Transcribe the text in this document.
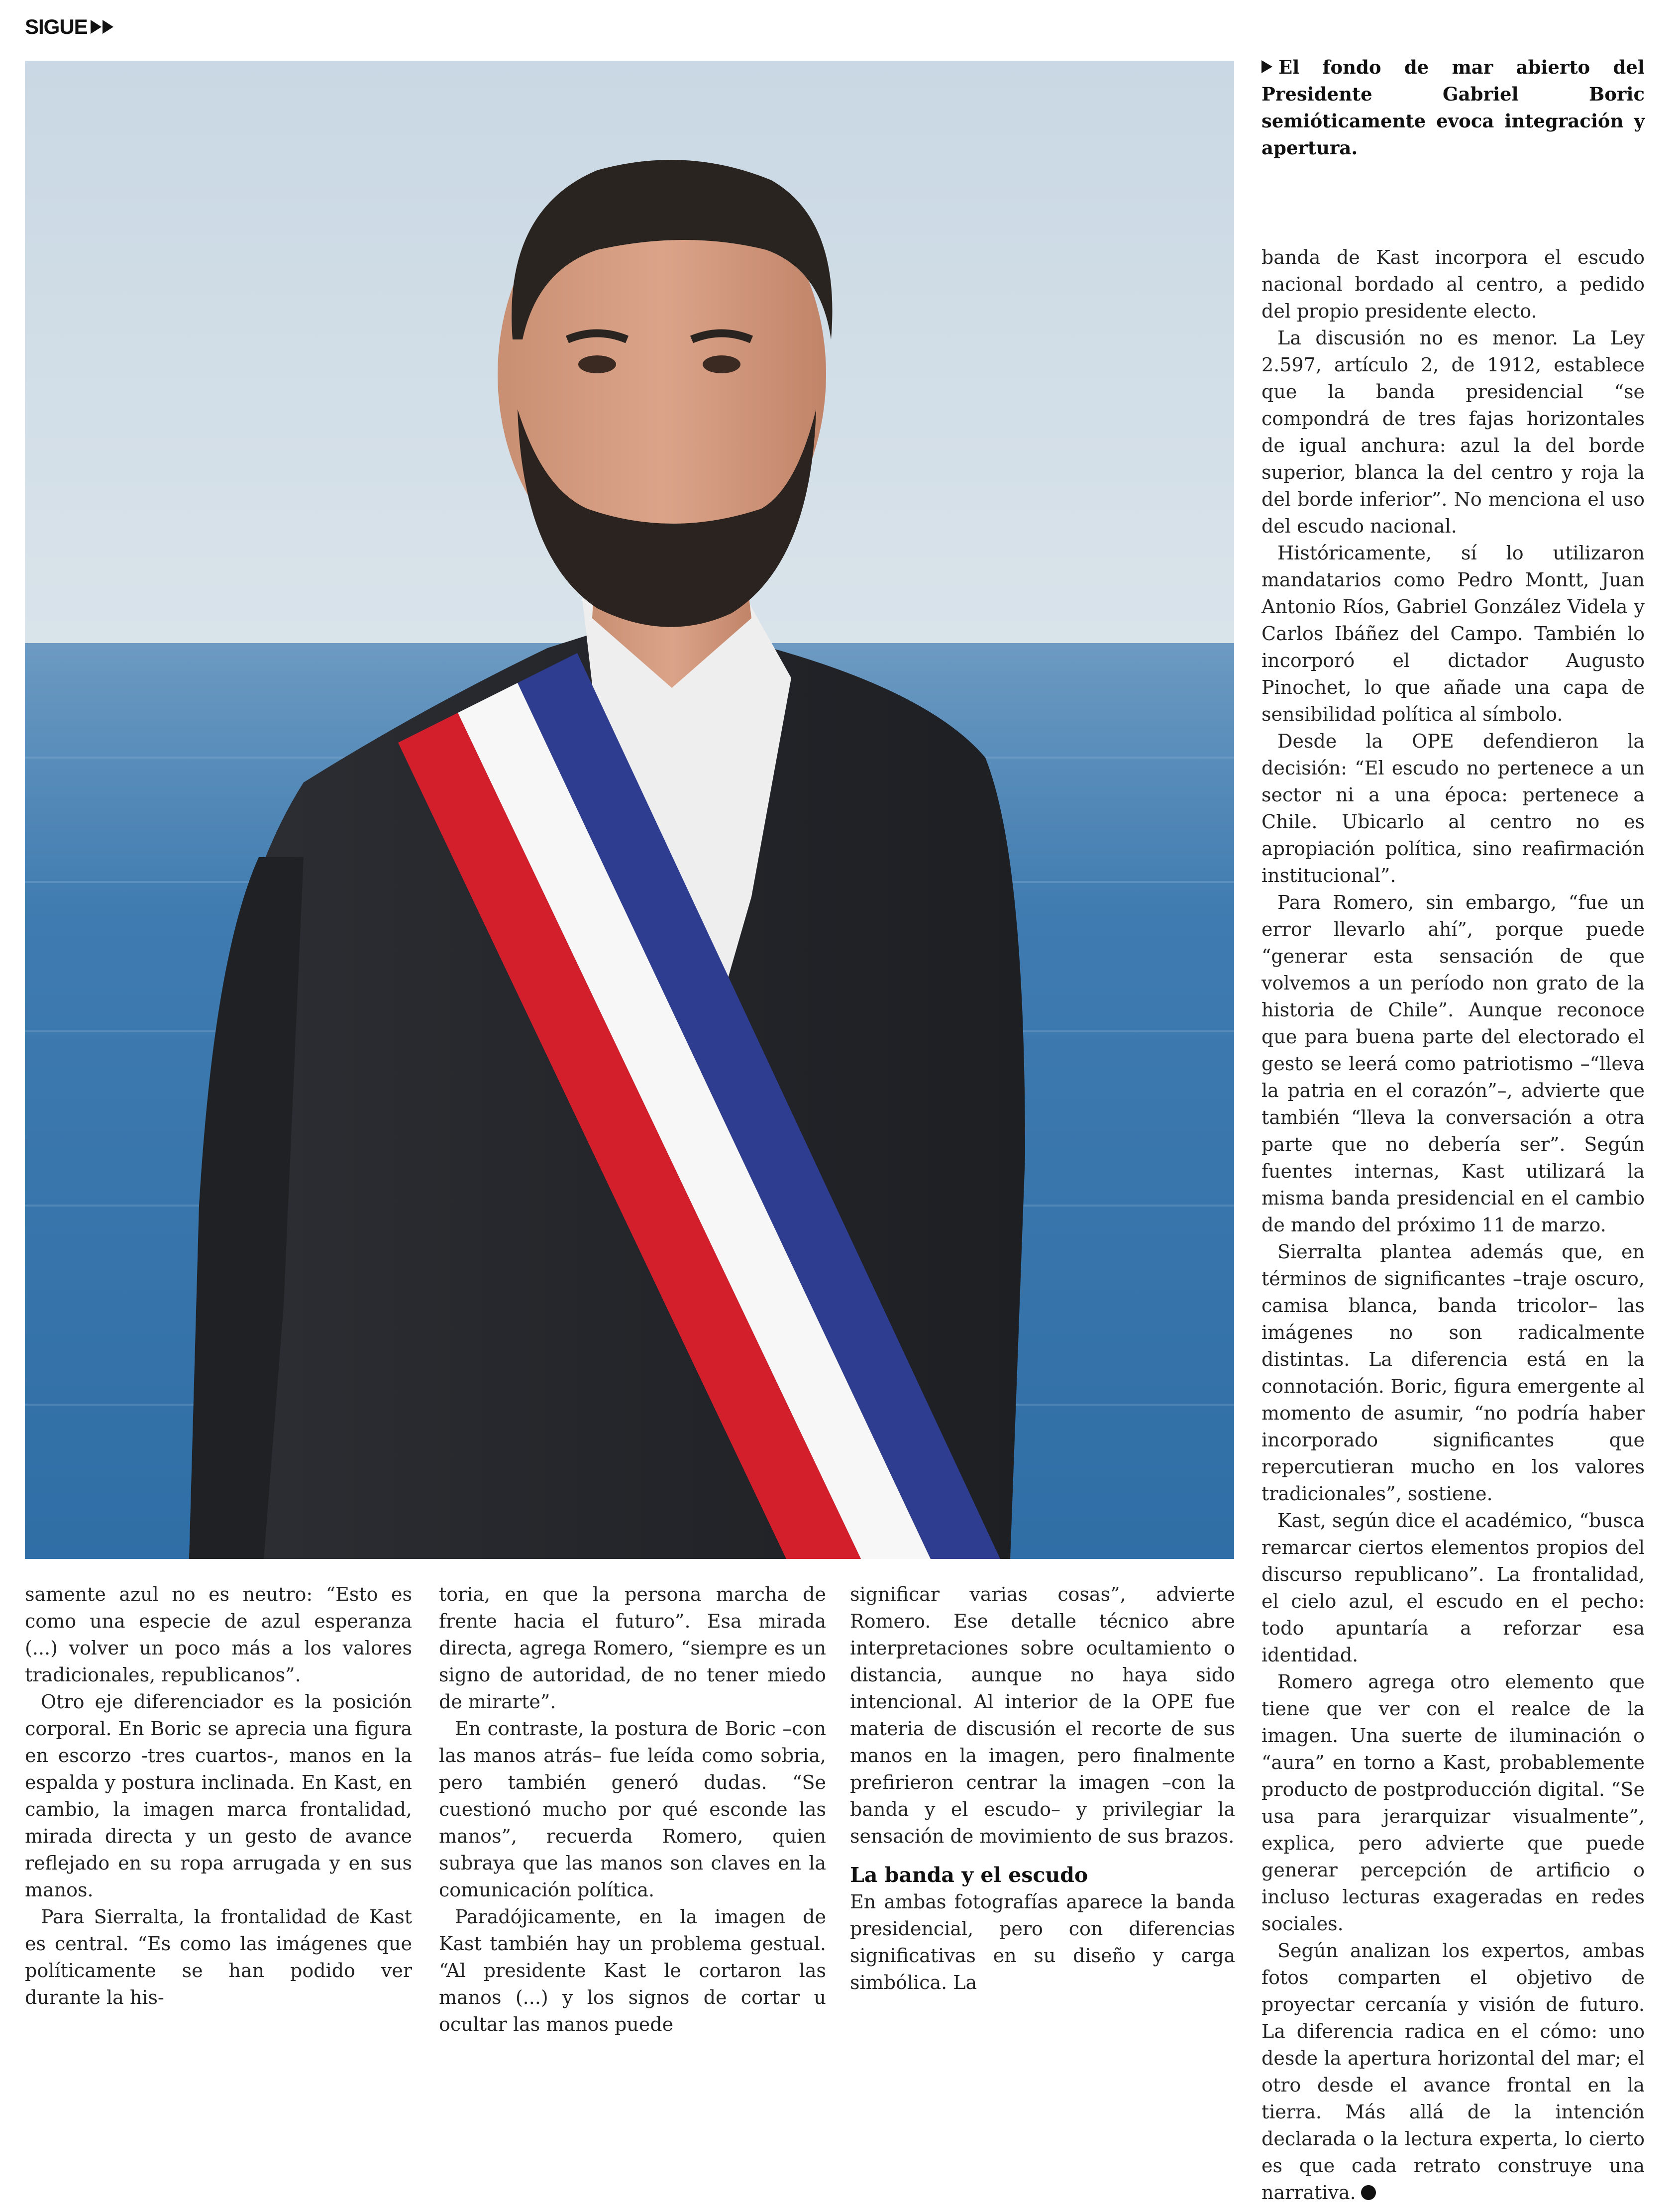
SIGUE
El fondo de mar abierto del Presidente Gabriel Boric semióticamente evoca integración y apertura.

samente azul no es neutro: “Esto es como una especie de azul esperanza (...) volver un poco más a los valores tradicionales, republicanos”.

Otro eje diferenciador es la posición corporal. En Boric se aprecia una figura en escorzo -tres cuartos-, manos en la espalda y postura inclinada. En Kast, en cambio, la imagen marca frontalidad, mirada directa y un gesto de avance reflejado en su ropa arrugada y en sus manos.

Para Sierralta, la frontalidad de Kast es central. “Es como las imágenes que políticamente se han podido ver durante la his-

toria, en que la persona marcha de frente hacia el futuro”. Esa mirada directa, agrega Romero, “siempre es un signo de autoridad, de no tener miedo de mirarte”.

En contraste, la postura de Boric –con las manos atrás– fue leída como sobria, pero también generó dudas. “Se cuestionó mucho por qué esconde las manos”, recuerda Romero, quien subraya que las manos son claves en la comunicación política.

Paradójicamente, en la imagen de Kast también hay un problema gestual. “Al presidente Kast le cortaron las manos (...) y los signos de cortar u ocultar las manos puede

significar varias cosas”, advierte Romero. Ese detalle técnico abre interpretaciones sobre ocultamiento o distancia, aunque no haya sido intencional. Al interior de la OPE fue materia de discusión el recorte de sus manos en la imagen, pero finalmente prefirieron centrar la imagen –con la banda y el escudo– y privilegiar la sensación de movimiento de sus brazos.

La banda y el escudo

En ambas fotografías aparece la banda presidencial, pero con diferencias significativas en su diseño y carga simbólica. La

banda de Kast incorpora el escudo nacional bordado al centro, a pedido del propio presidente electo.

La discusión no es menor. La Ley 2.597, artículo 2, de 1912, establece que la banda presidencial “se compondrá de tres fajas horizontales de igual anchura: azul la del borde superior, blanca la del centro y roja la del borde inferior”. No menciona el uso del escudo nacional.

Históricamente, sí lo utilizaron mandatarios como Pedro Montt, Juan Antonio Ríos, Gabriel González Videla y Carlos Ibáñez del Campo. También lo incorporó el dictador Augusto Pinochet, lo que añade una capa de sensibilidad política al símbolo.

Desde la OPE defendieron la decisión: “El escudo no pertenece a un sector ni a una época: pertenece a Chile. Ubicarlo al centro no es apropiación política, sino reafirmación institucional”.

Para Romero, sin embargo, “fue un error llevarlo ahí”, porque puede “generar esta sensación de que volvemos a un período non grato de la historia de Chile”. Aunque reconoce que para buena parte del electorado el gesto se leerá como patriotismo –“lleva la patria en el corazón”–, advierte que también “lleva la conversación a otra parte que no debería ser”. Según fuentes internas, Kast utilizará la misma banda presidencial en el cambio de mando del próximo 11 de marzo.

Sierralta plantea además que, en términos de significantes –traje oscuro, camisa blanca, banda tricolor– las imágenes no son radicalmente distintas. La diferencia está en la connotación. Boric, figura emergente al momento de asumir, “no podría haber incorporado significantes que repercutieran mucho en los valores tradicionales”, sostiene.

Kast, según dice el académico, “busca remarcar ciertos elementos propios del discurso republicano”. La frontalidad, el cielo azul, el escudo en el pecho: todo apuntaría a reforzar esa identidad.

Romero agrega otro elemento que tiene que ver con el realce de la imagen. Una suerte de iluminación o “aura” en torno a Kast, probablemente producto de postproducción digital. “Se usa para jerarquizar visualmente”, explica, pero advierte que puede generar percepción de artificio o incluso lecturas exageradas en redes sociales.

Según analizan los expertos, ambas fotos comparten el objetivo de proyectar cercanía y visión de futuro. La diferencia radica en el cómo: uno desde la apertura horizontal del mar; el otro desde el avance frontal en la tierra. Más allá de la intención declarada o la lectura experta, lo cierto es que cada retrato construye una narrativa.
